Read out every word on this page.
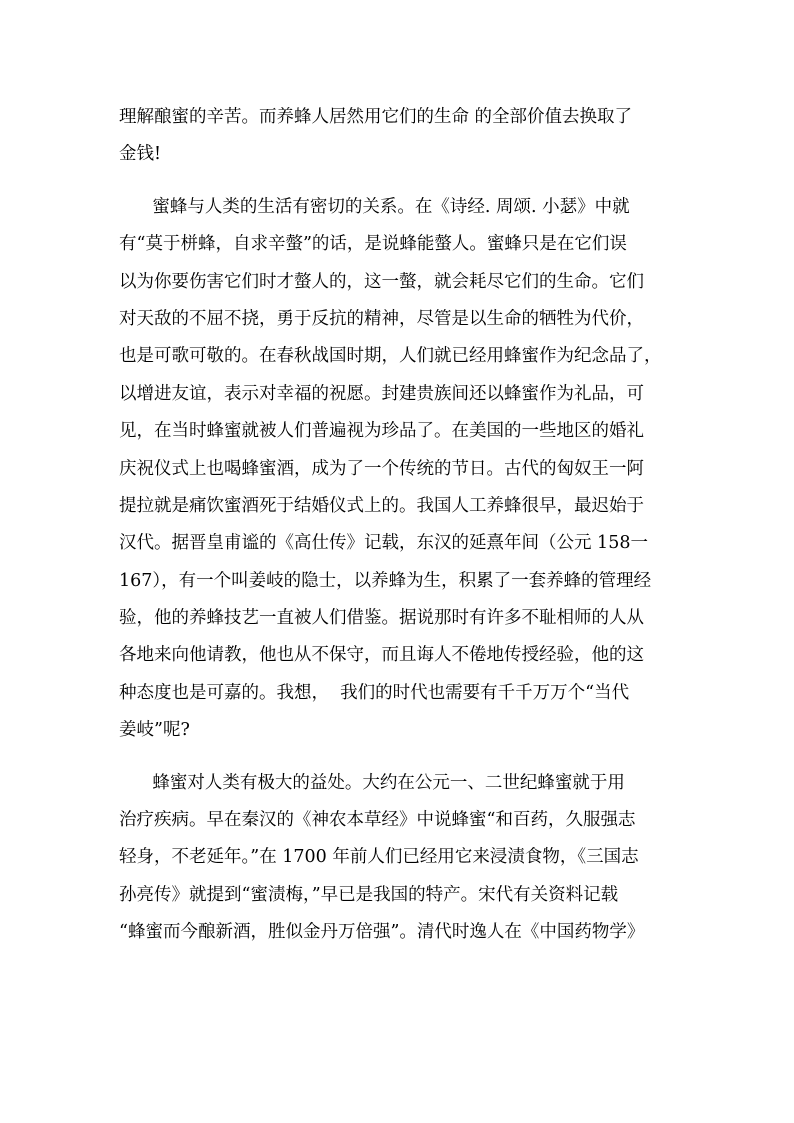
理解酿蜜的辛苦。而养蜂人居然用它们的生命 的全部价值去换取了
金钱!
蜜蜂与人类的生活有密切的关系。在《诗经. 周颂. 小瑟》中就
有“莫于栟蜂，自求辛螫”的话，是说蜂能螫人。蜜蜂只是在它们误
以为你要伤害它们时才螫人的，这一螫，就会耗尽它们的生命。它们
对天敌的不屈不挠，勇于反抗的精神，尽管是以生命的牺牲为代价，
也是可歌可敬的。在春秋战国时期，人们就已经用蜂蜜作为纪念品了，
以增进友谊，表示对幸福的祝愿。封建贵族间还以蜂蜜作为礼品，可
见，在当时蜂蜜就被人们普遍视为珍品了。在美国的一些地区的婚礼
庆祝仪式上也喝蜂蜜酒，成为了一个传统的节日。古代的匈奴王一阿
提拉就是痛饮蜜酒死于结婚仪式上的。我国人工养蜂很早，最迟始于
汉代。据晋皇甫谧的《高仕传》记载，东汉的延熹年间（公元 158一
167），有一个叫姜岐的隐士，以养蜂为生，积累了一套养蜂的管理经
验，他的养蜂技艺一直被人们借鉴。据说那时有许多不耻相师的人从
各地来向他请教，他也从不保守，而且诲人不倦地传授经验，他的这
种态度也是可嘉的。我想，  我们的时代也需要有千千万万个“当代
姜岐”呢?
蜂蜜对人类有极大的益处。大约在公元一、二世纪蜂蜜就于用
治疗疾病。早在秦汉的《神农本草经》中说蜂蜜“和百药，久服强志
轻身，不老延年。”在 1700 年前人们已经用它来浸渍食物，《三国志
孙亮传》就提到“蜜渍梅，”早已是我国的特产。宋代有关资料记载
“蜂蜜而今酿新酒，胜似金丹万倍强”。清代时逸人在《中国药物学》
